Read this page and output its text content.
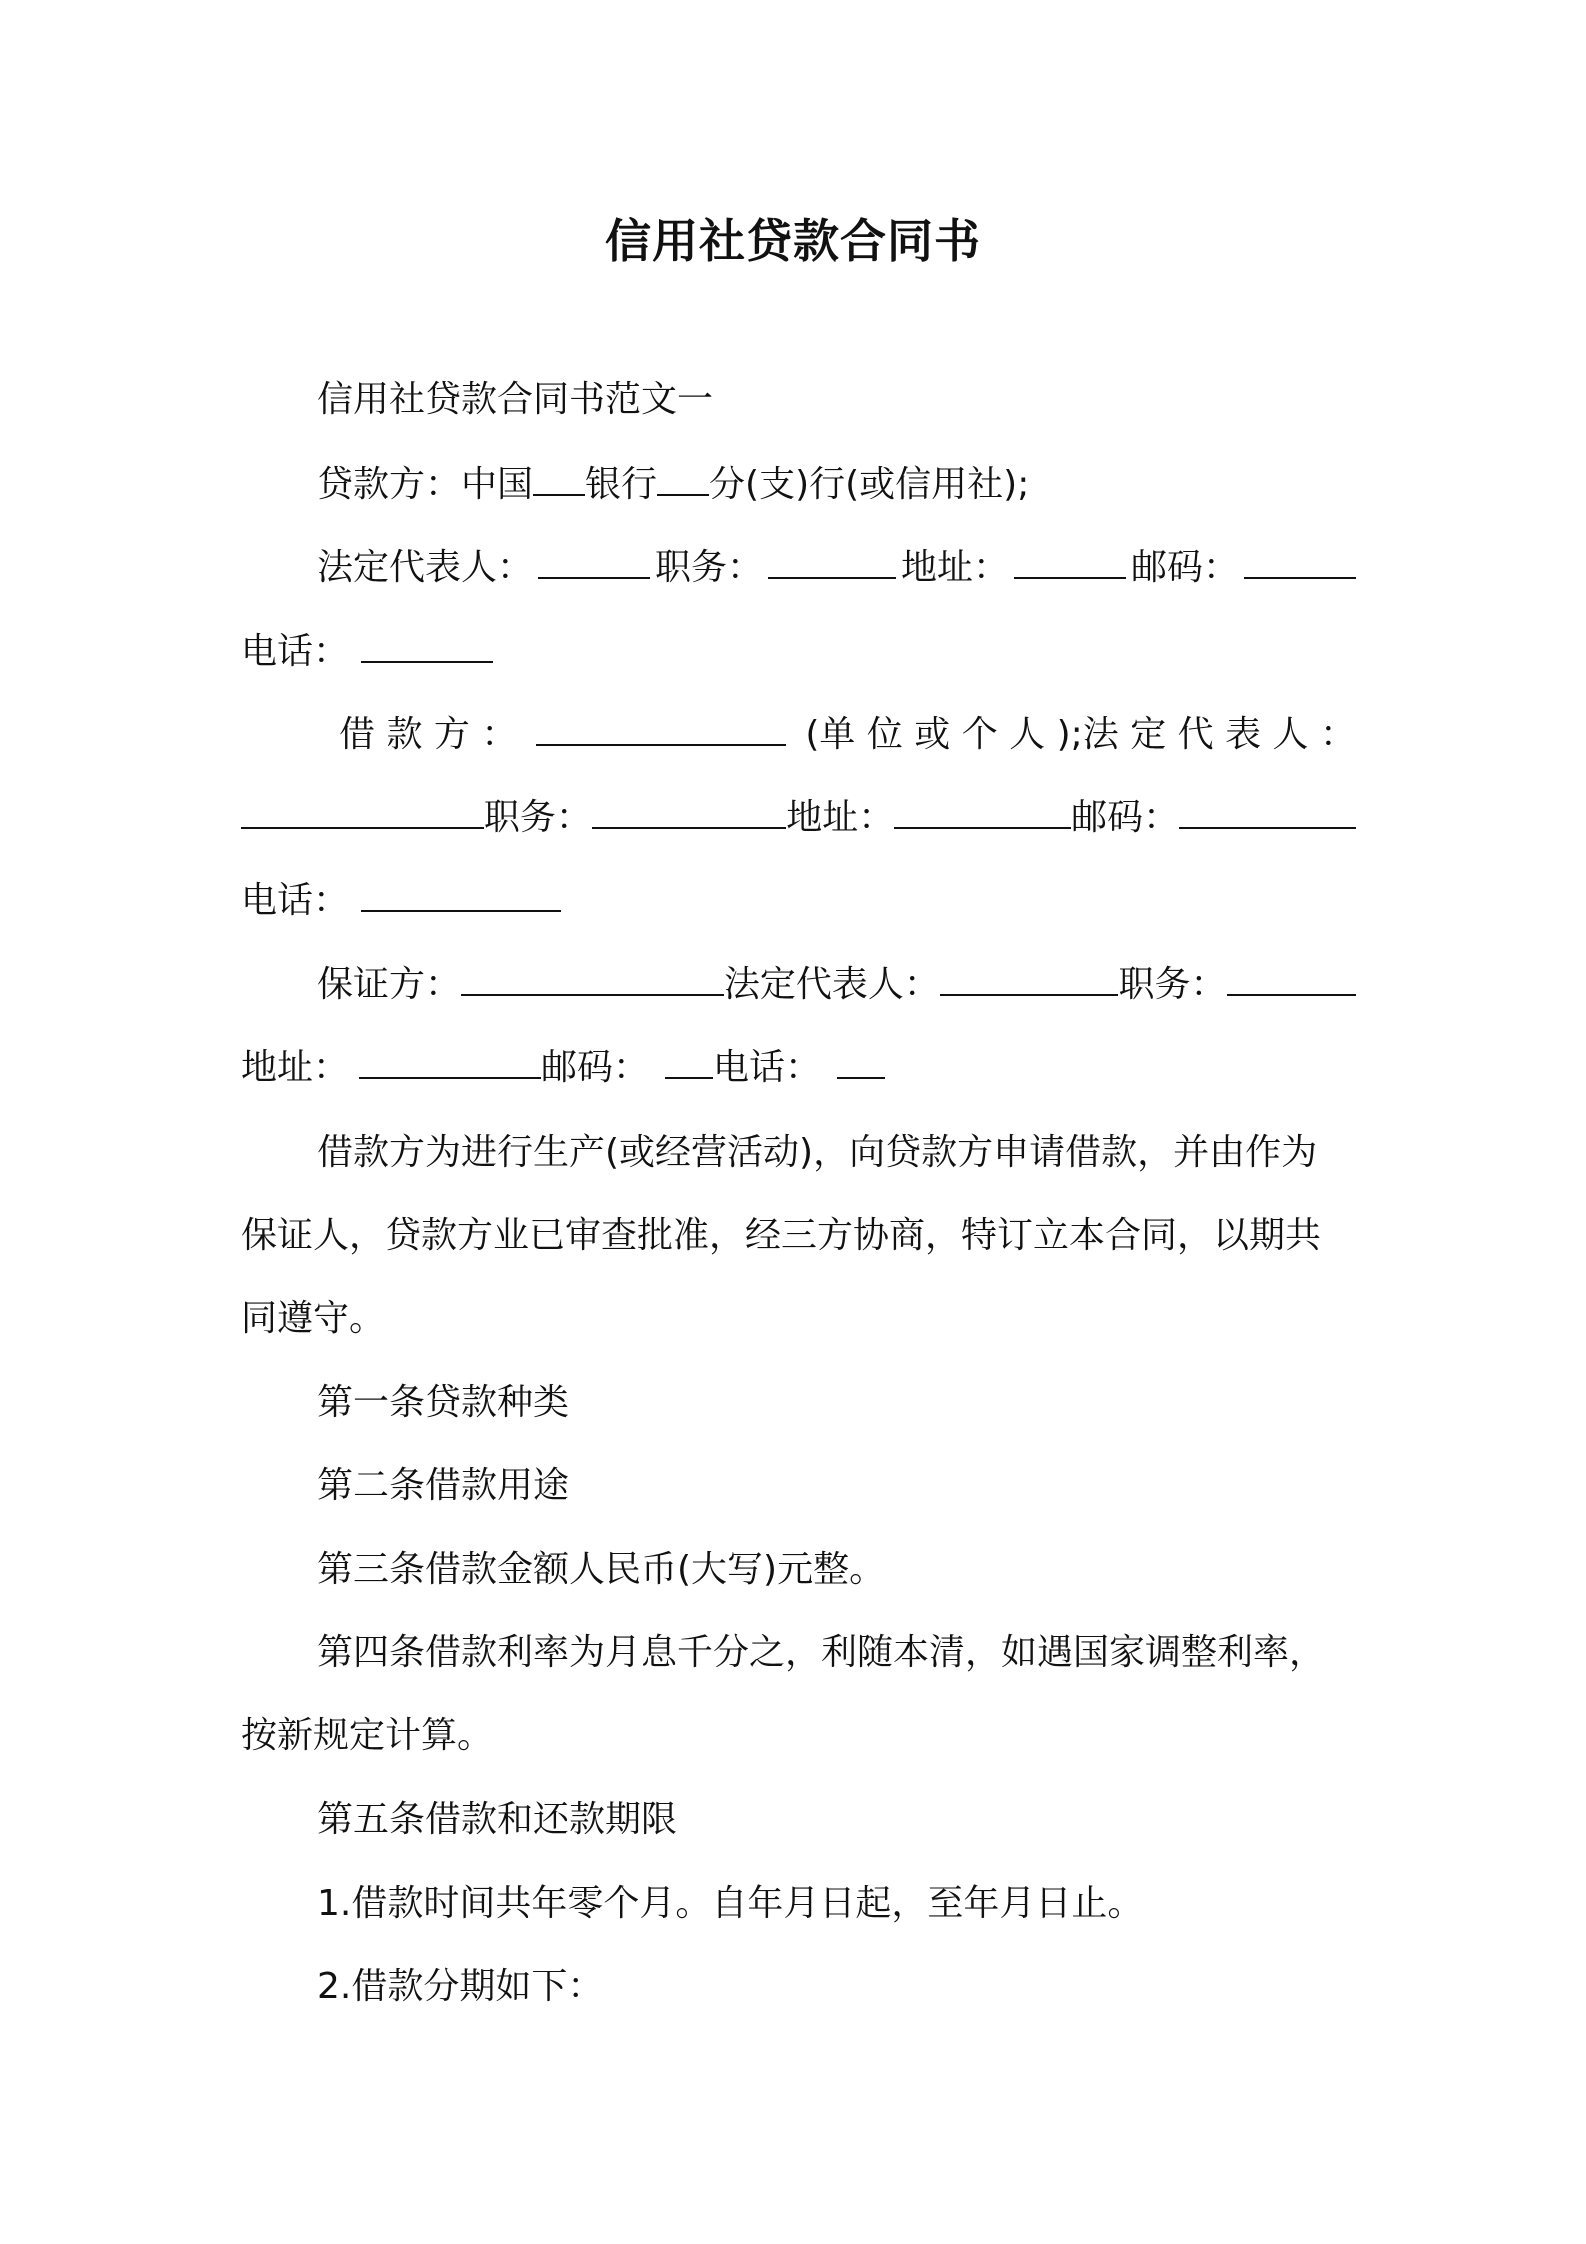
信用社贷款合同书
信用社贷款合同书范文一
贷款方：中国 银行 分(支)行(或信用社);
法定代表人：	职务：	地址：	邮码：
电话：
借 款 方 ：	(单 位 或 个 人 );法 定 代 表 人 ：
职务：	地址：	邮码：
电话：
保证方：	法定代表人：	职务：
地址：	邮码： 电话：
借款方为进行生产(或经营活动)，向贷款方申请借款，并由作为
保证人，贷款方业已审查批准，经三方协商，特订立本合同，以期共
同遵守。
第一条贷款种类
第二条借款用途
第三条借款金额人民币(大写)元整。
第四条借款利率为月息千分之，利随本清，如遇国家调整利率，
按新规定计算。
第五条借款和还款期限
1.借款时间共年零个月。自年月日起，至年月日止。
2.借款分期如下：
